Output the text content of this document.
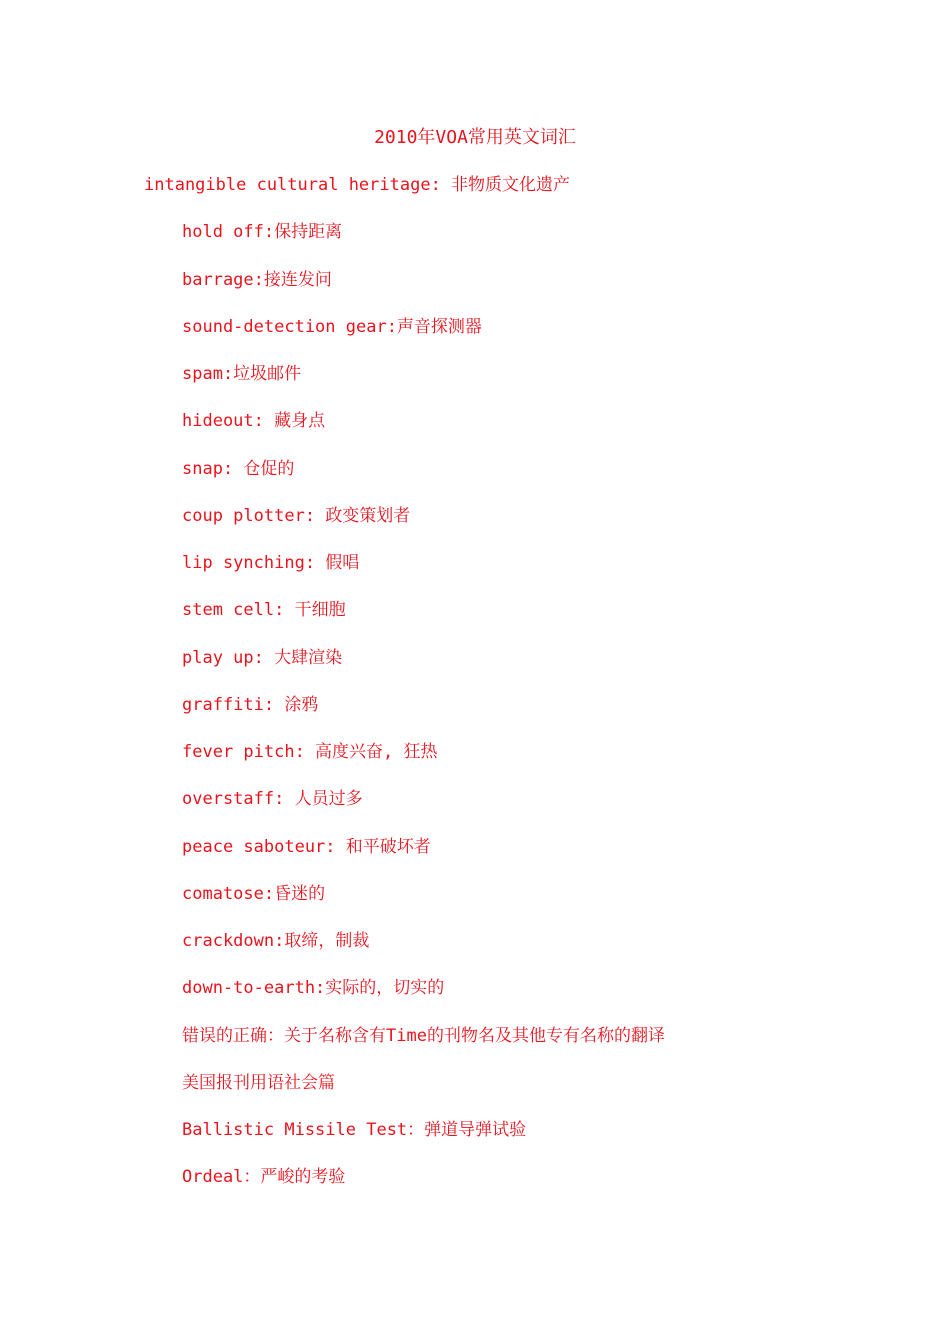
2010年VOA常用英文词汇
intangible cultural heritage: 非物质文化遗产
hold off:保持距离
barrage:接连发问
sound-detection gear:声音探测器
spam:垃圾邮件
hideout: 藏身点
snap: 仓促的
coup plotter: 政变策划者
lip synching: 假唱
stem cell: 干细胞
play up: 大肆渲染
graffiti: 涂鸦
fever pitch: 高度兴奋, 狂热
overstaff: 人员过多
peace saboteur: 和平破坏者
comatose:昏迷的
crackdown:取缔，制裁
down-to-earth:实际的，切实的
错误的正确：关于名称含有Time的刊物名及其他专有名称的翻译
美国报刊用语社会篇
Ballistic Missile Test：弹道导弹试验
Ordeal：严峻的考验
